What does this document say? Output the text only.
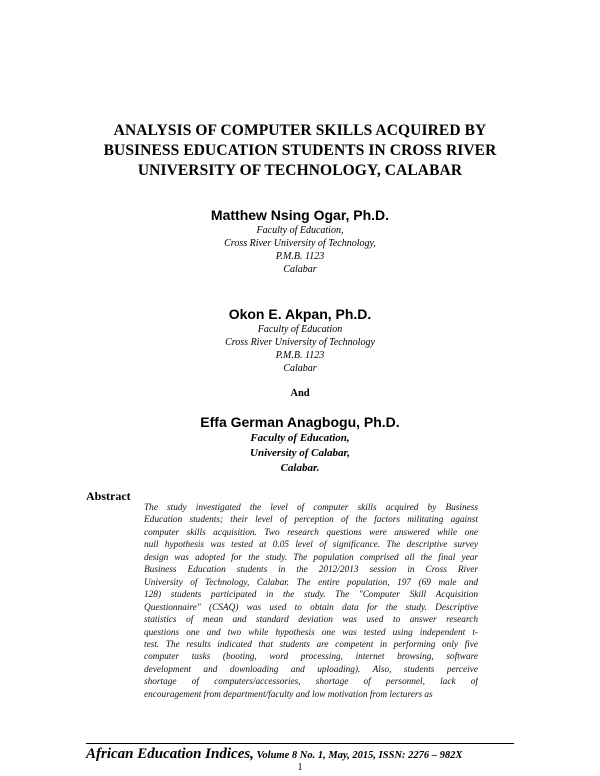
ANALYSIS OF COMPUTER SKILLS ACQUIRED BY
BUSINESS EDUCATION STUDENTS IN CROSS RIVER
UNIVERSITY OF TECHNOLOGY, CALABAR
Matthew Nsing Ogar, Ph.D.
Faculty of Education,
Cross River University of Technology,
P.M.B. 1123
Calabar
Okon E. Akpan, Ph.D.
Faculty of Education
Cross River University of Technology
P.M.B. 1123
Calabar
And
Effa German Anagbogu, Ph.D.
Faculty of Education,
University of Calabar,
Calabar.
Abstract
The study investigated the level of computer skills acquired by Business
Education students; their level of perception of the factors militating against
computer skills acquisition. Two research questions were answered while one
null hypothesis was tested at 0.05 level of significance. The descriptive survey
design was adopted for the study. The population comprised all the final year
Business Education students in the 2012/2013 session in Cross River
University of Technology, Calabar. The entire population, 197 (69 male and
128) students participated in the study. The "Computer Skill Acquisition
Questionnaire" (CSAQ) was used to obtain data for the study. Descriptive
statistics of mean and standard deviation was used to answer research
questions one and two while hypothesis one was tested using independent t-
test. The results indicated that students are competent in performing only five
computer tasks (booting, word processing, internet browsing, software
development and downloading and uploading). Also, students perceive
shortage of computers/accessories, shortage of personnel, lack of
encouragement from department/faculty and low motivation from lecturers as
African Education Indices, Volume 8 No. 1, May, 2015, ISSN: 2276 – 982X
1
